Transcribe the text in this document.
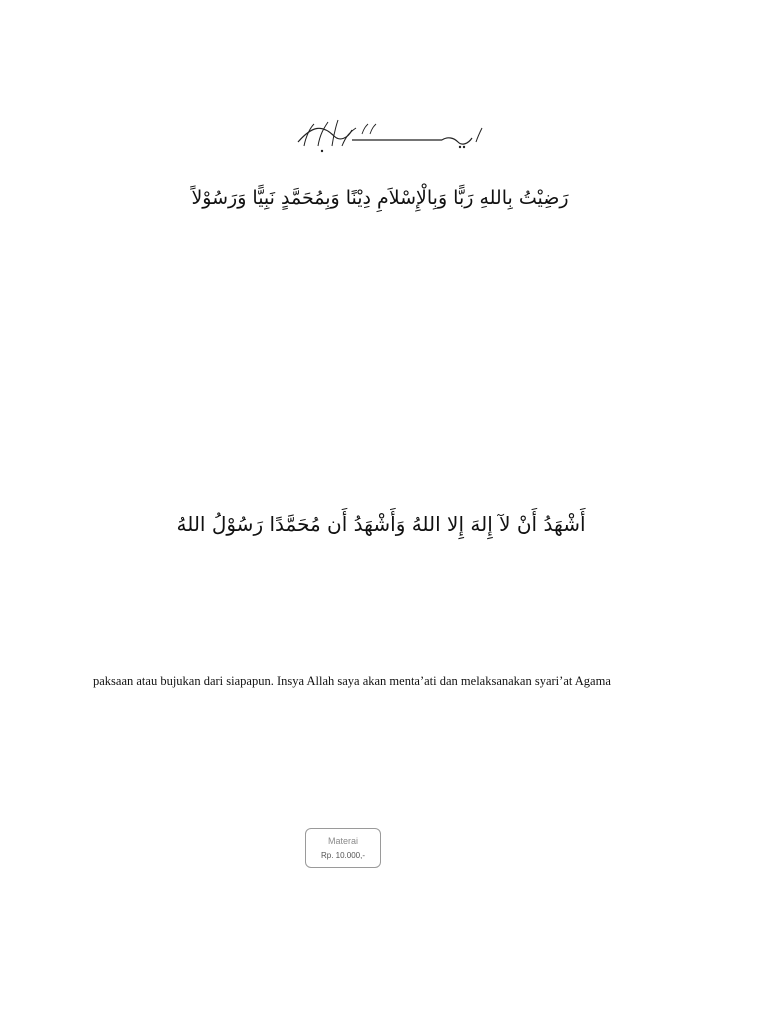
رَضِيْتُ بِاللهِ رَبًّا وَبِالْإِسْلاَمِ دِيْنًا وَبِمُحَمَّدٍ نَبِيًّا وَرَسُوْلاً
أَشْهَدُ أَنْ لآ إِلهَ إِلا اللهُ وَأَشْهَدُ أَن مُحَمَّدًا رَسُوْلُ اللهُ
paksaan atau bujukan dari siapapun. Insya Allah saya akan menta’ati dan melaksanakan syari’at Agama
Materai
Rp. 10.000,-
